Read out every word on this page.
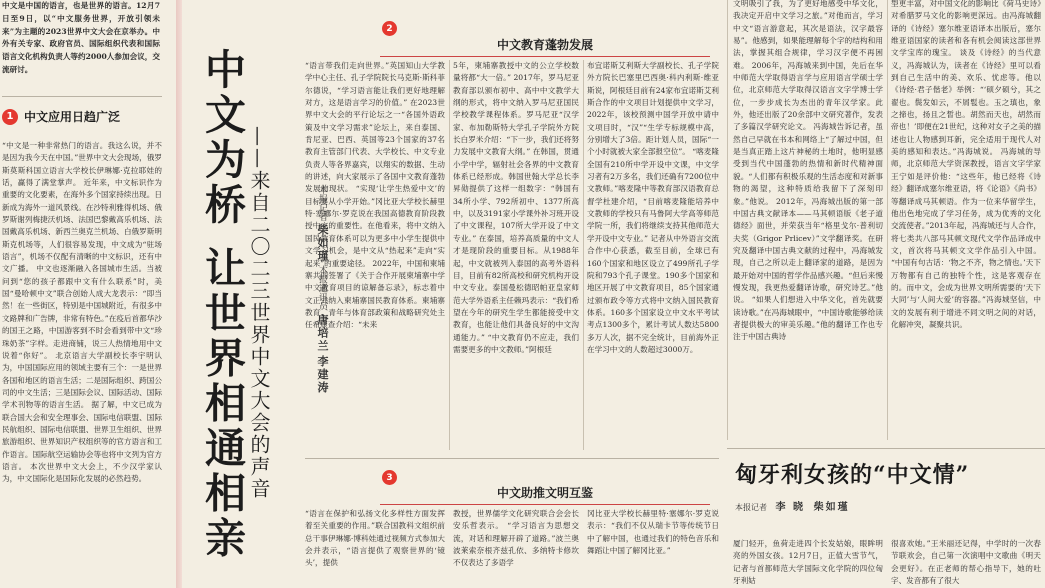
中文是中国的语言，也是世界的语言。12月7日至9日，以“中文服务世界，开放引领未来”为主题的2023世界中文大会在京举办。中外有关专家、政府官员、国际组织代表和国际语言文化机构负责人等约2000人参加会议，交流研讨。
1 中文应用日趋广泛
“中文是一种非常热门的语言。我这么说，并不是因为我今天在中国。”世界中文大会现场，俄罗斯莫斯科国立语言大学校长伊琳娜·克拉耶娃的话，赢得了满堂掌声。 近年来，中文标识作为重要的文化要素，在海外多个国家持续出现。日新成为海外一道风景线。在沙特利雅得机场、俄罗斯谢列梅捷沃机场、法国巴黎戴高乐机场、法国戴高乐机场、新西兰奥克兰机场、白俄罗斯明斯克机场等，人们很容易发现，中文成为“驻场语言”，机场不仅配有清晰的中文标识，还有中文广播。 中文也逐渐融入各国城市生活。当被问到“您的孩子都跟中文有什么联系”时，美国“曼哈顿中文”联合创始人成大龙表示：“即当然！在一些街区，特别是中国城附近，有很多中文路牌和广告牌，非常有特色。”在疫后首都华沙的国王之路，中国游客到不时会看到带中文“珍珠奶茶”字样。走进商铺，说三人热情地用中文说着“你好”。 北京语言大学副校长李宇明认为，中国国际应用的领域主要有三个：一是世界各国和地区的语言生活；二是国际组织、跨国公司的中文生活；三是国际会议、国际活动、国际学术刊物等的语言生活。 据了解，中文已成为联合国大会和安全理事会、国际电信联盟、国际民航组织、国际电信联盟、世界卫生组织、世界旅游组织、世界知识产权组织等的官方语言和工作语言。国际航空运输协会等也将中文列为官方语言。 本次世界中文大会上，不少汉学家认为，中文国际化是国际化发展的必然趋势。	中文为桥 让世界相通相亲 ——来自二〇二三世界中文大会的声音	本报记者 柴如瑾 本报通讯员 唐培兰 李建涛
2
中文教育蓬勃发展
“语言带我们走向世界。”英国知山大学教学中心主任、孔子学院院长马克斯·斯科菲尔德说，“学习语言能让我们更好地理解对方，这是语言学习的价值。” 在2023世界中文大会的平行论坛之一“各国外语政策及中文学习需求”论坛上，来自泰国、肯尼亚、巴西、英国等23个国家的37名教育主管部门代表、大学校长、中文专业负责人等各界嘉宾，以翔实的数据、生动的讲述，向大家展示了各国中文教育蓬勃发展的现状。 “实现‘让学生热爱中文’的目标要从小学开始。”冈比亚大学校长赫里特·塞娜尔·罗克说在我国高德教育阶段教授中文的重要性。在他看来，将中文纳入国民教育体系可以为更多中小学生提供中文学习机会，是中文从“热起来”走向“实起来”的重要途径。 2022年，中国和柬埔寨共同签署了《关于合作开展柬埔寨中学中文教育项目的谅解备忘录》，标志着中文正式纳入柬埔寨国民教育体系。柬埔寨教育、青年与体育部政策和战略研究处主任希康查介绍：“未来
5年，柬埔寨教授中文的公立学校数量将都“大一倍。” 2017年，罗马尼亚教育部以颁布初中、高中中文教学大纲的形式，将中文纳入罗马尼亚国民学校教学课程体系。罗马尼亚“汉学家、布加勒斯特大学孔子学院外方院长白罗米介绍：“下一步，我们还将努力发展中文教育大纲。” 在韩国，贯通小学中学，辐射社会各界的中文教育体系已经形成。韩国世翰大学总长李昇勋提供了这样一组数字：“韩国有34所小学、792所初中、1377所高中，以及3191家小学课外补习班开设了中文课程，107所大学开设了中文专业。” 在泰国，培养高质量的中文人才是现阶段的重要目标。从1988年起，中文就被列入泰国的高考外语科目，目前有82所高校和研究机构开设中文专业。泰国曼松德昭帕亚皇家师范大学外语系主任赖玛表示：“我们希望在今年的研究生学生都能接受中文教育，也能让他们具备良好的中文沟通能力。” “中文教育仍不应走，我们需要更多的中文教师。”阿根廷
布宜诺斯艾利斯大学副校长、孔子学院外方院长巴塞里巴西奥·科内利斯·维亚斯说，阿根廷目前有24家布宜诺斯艾利斯合作的中文项目计划提供中文学习，2022年，该校预测中国学开放中请中文项目时，“汉”“生学专标规模中高，分别增大了3倍。距计划人员，国际“一个小时就被大家全部报空位”。 “喀麦隆全国有210所中学开设中文课，中文学习者有2万多名，我们还确有7200位中文教师。”喀麦隆中等教育部汉语教育总督学杜建介绍，“目前喀麦隆能培养中文教师的学校只有马鲁阿大学高等师范学院一所，我们将继续支持其他师范大学开设中文专业。” 记者从中外语言交流合作中心获悉，截至目前，全球已有160个国家和地区设立了499所孔子学院和793个孔子课堂。190多个国家和地区开展了中文教育项目，85个国家通过颁布政令等方式将中文纳入国民教育体系。160多个国家设立中文水平考试考点1300多个，累计考试人数达5800多万人次，据不完全统计，目前海外正在学习中文的人数超过3000万。
3
中文助推文明互鉴
“语言在保护和弘扬文化多样性方面发挥着至关重要的作用。”联合国教科文组织前总干事伊琳娜·博科娃通过视频方式参加大会并表示，“语言提供了观察世界的‘镜头’，提供
教授，世界儒学文化研究联合会会长安乐哲表示。 “学习语言为思想交流，对话和理解开辟了道路。”波兰奥波莱索奈根齐兹孔依、多纳特卡修坎不仅表达了多语学
冈比亚大学校长赫里特·塞娜尔·罗克说表示：“我们不仅从瑞卡节等传统节日中了解中国，也通过我们的特色音乐和舞蹈让中国了解冈比亚。”
文明吸引了我，为了更好地感受中华文化，我决定开启中文学习之旅。”对他而言，学习中文“语言游意起，其次是语法，汉字最容易”。他感到，如果能理解每个字的结构和用法，掌握其组合规律，学习汉字便不再困难。 2006年，冯海城来到中国，先后在华中师范大学取得语言学与应用语言学硕士学位，北京师范大学取得汉语言文字学博士学位，一步步成长为杰出的青年汉学家。此外，他还出版了20余部中文研究著作，发表了多篇汉学研究论文。 冯海城告诉记者，虽然自己早就在书本和网络上“了解过中国，但是当真正踏上这片神秘的土地时，他明显感受到当代中国蓬勃的热情和新时代精神面貌。“人们都有积极乐观的生活态度和对新事物的渴望，这种特质给我留下了深刻印象。”他说。 2012年，冯海城出版的第一部中国古典文献译本——马其顿语版《老子道德经》面世，并荣获当年“格里戈尔·普利切夫奖（Grigor Prlicev）”文学翻译奖。在研究及翻译中国古典文献的过程中，冯海城发现，自己之所以走上翻译家的道路，是因为最开始对中国的哲学作品感兴趣。“但后来慢慢发现，我更热爱翻译诗歌，研究诗艺。”他说。 “如果人们想进入中华文化，首先就要读诗歌。”在冯海城眼中，“中国诗歌能够给读者提供极大的审美乐趣。”他的翻译工作也专注于中国古典诗
型更丰富，对中国文化的影响比《荷马史诗》对希腊罗马文化的影响更深远。由冯海城翻译的《诗经》塞尔维亚语译本出版后，塞尔维亚语国家的读者和各有机会阅读这部世界文学宝库的瑰宝。 谈及《诗经》的当代意义，冯海城认为，读者在《诗经》里可以看到自己生活中的美、欢乐、忧虑等。他以《诗经·君子偕老》举例：“‘硕夕硕兮，其之翟也。鬓发如云，不屑髢也。玉之瑱也，象之揥也，扬且之皙也。胡然而天也，胡然而帝也！’即便在21世纪，这种对女子之美的描述也让人物感到耳新，完全适用于现代人对美的感知和表达。”冯海城说。 冯海城的导师，北京师范大学资深教授，语言文字学家王宁如是评价他：“这些年，他已经将《诗经》翻译成塞尔维亚语，将《论语》《尚书》等翻译成马其顿语。作为一位来华留学生，他出色地完成了学习任务，成为优秀的文化交流使者。”2013年起，冯海城还与人合作，将七类共八部马其顿文现代文学作品译成中文，首次将马其顿文文学作品引入中国。 “中国有句古话：‘物之不齐，物之情也。’天下万物都有自己的独特个性，这是客观存在的。而中文，会成为世界文明所需要的‘天下大同’与‘人间大爱’的容器。”冯海城坚信，中文的发展有利于增进不同文明之间的对话，化解冲突，凝聚共识。
匈牙利女孩的“中文情”
本报记者 李 晓 柴如瑾
厦门轻开，鱼荷走进四个长发姑娘，眼眸明亮的外国女孩。12月7日，正值大雪节气，记者与首都师范大学国际文化学院的四位匈牙利姑
很喜欢她。”王米丽还记得，中学时的一次春节联欢会，自己第一次演唱中文歌曲《明天会更好》。在正老师的帮心指导下，她的吐字、发音都有了很大
